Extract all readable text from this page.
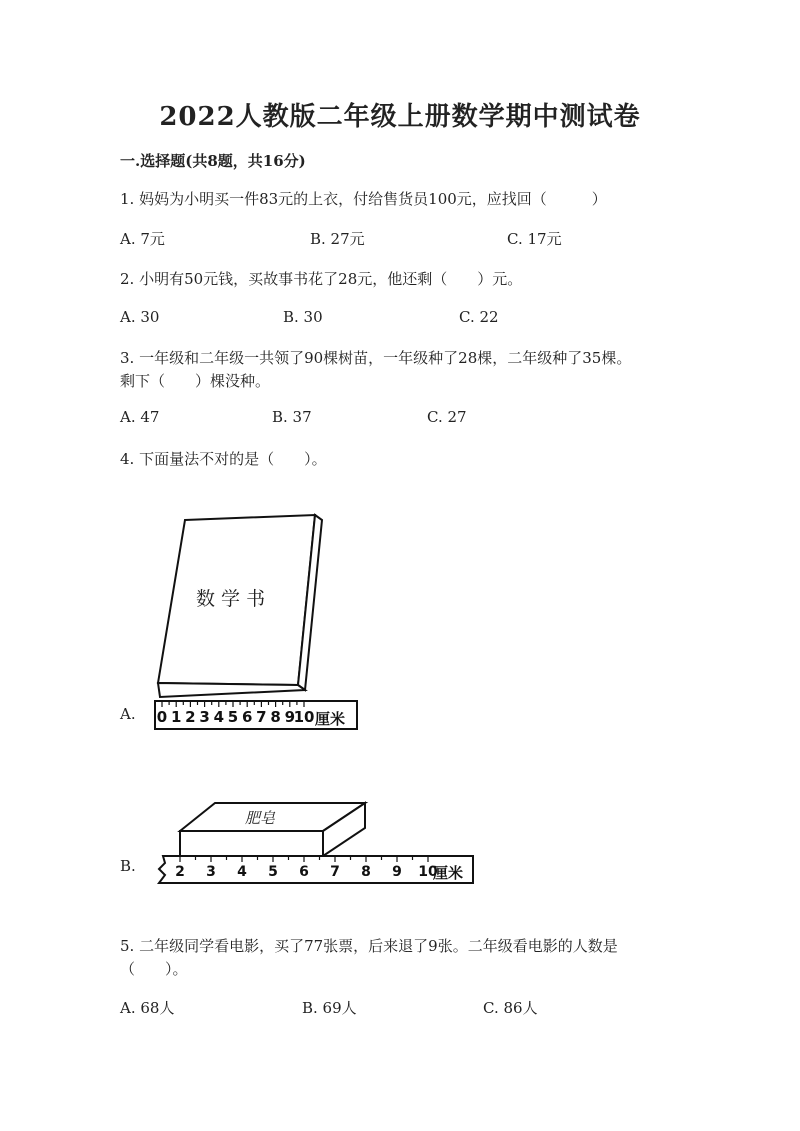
2022人教版二年级上册数学期中测试卷
一.选择题(共8题，共16分)
1. 妈妈为小明买一件83元的上衣，付给售货员100元，应找回（　　　）
A. 7元	B. 27元	C. 17元
2. 小明有50元钱，买故事书花了28元，他还剩（　　）元。
A. 30	B. 30	C. 22
3. 一年级和二年级一共领了90棵树苗，一年级种了28棵，二年级种了35棵。
剩下（　　）棵没种。
A. 47	B. 37	C. 27
4. 下面量法不对的是（　　）。
A.
B.
数 学 书
0 1 2 3 4 5 6 7 8 9
10 厘米
肥皂
2 3 4 5 6 7 8 9 10
厘米
5. 二年级同学看电影，买了77张票，后来退了9张。二年级看电影的人数是
（　　）。
A. 68人	B. 69人	C. 86人
